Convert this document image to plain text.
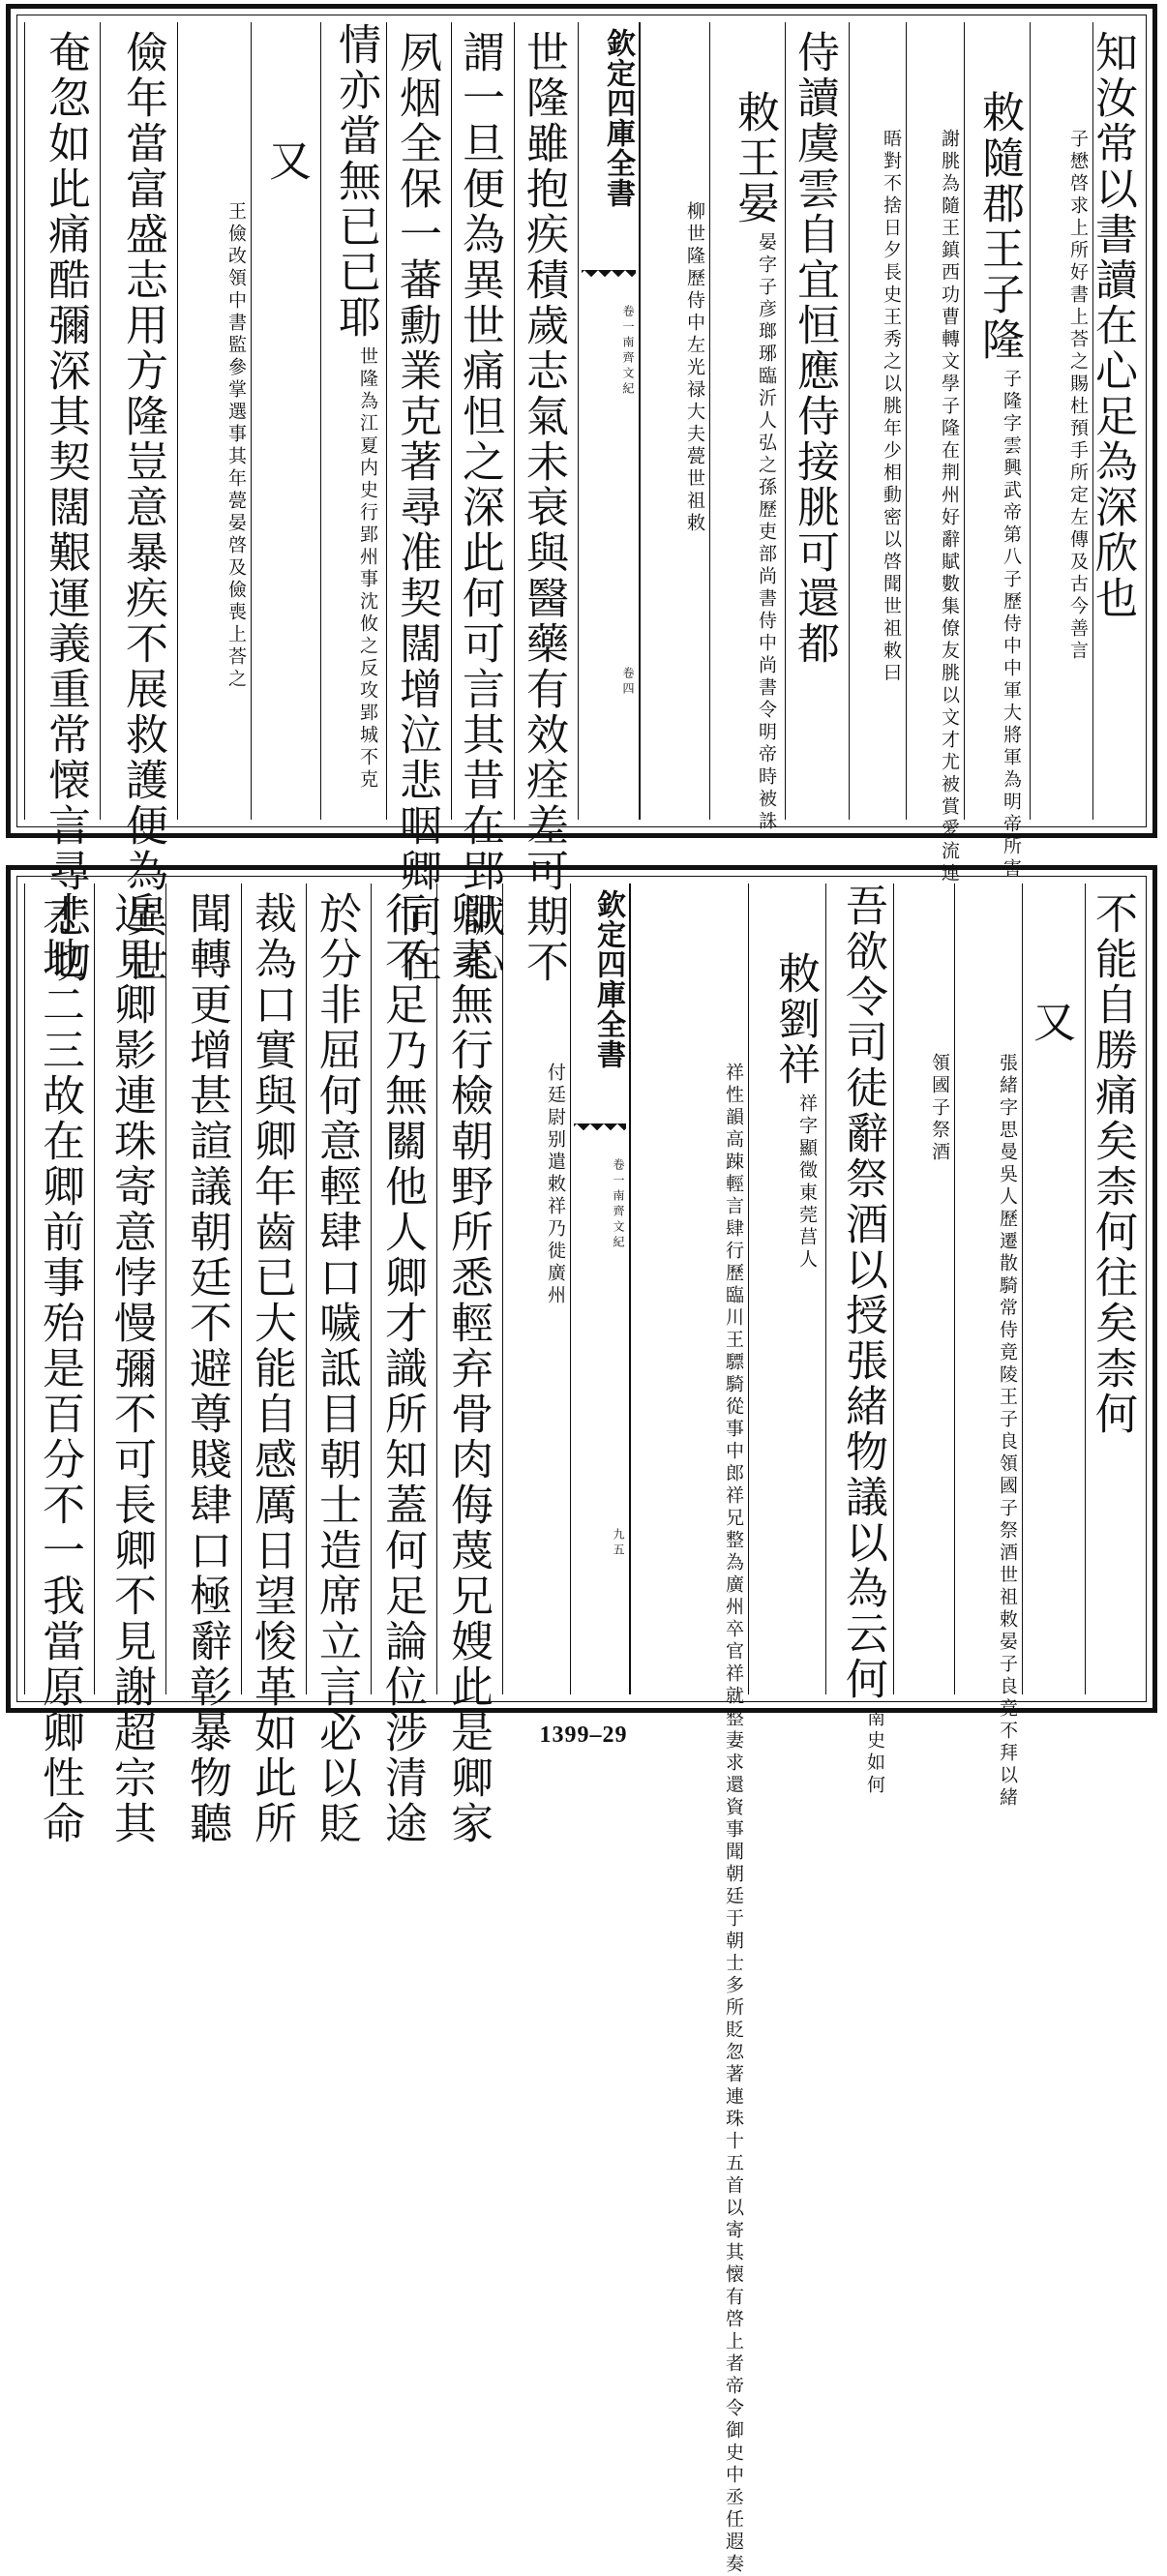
知汝常以書讀在心足為深欣也
子懋啓求上所好書上荅之賜
杜預手所定左傳及古今善言
敕隨郡王子隆
子隆字雲興武帝第八子歷侍
中中軍大將軍為明帝所害
謝朓為隨王鎮西功曹轉文學子隆在荆州
好辭賦數集僚友朓以文才尤被賞愛流連
晤對不捨日夕長史王秀之以朓
年少相動密以啓聞世祖敕曰
侍讀虞雲自宜恒應侍接朓可還都
敕王晏
晏字子彦瑯琊臨沂人弘之孫歷吏
部尚書侍中尚書令明帝時被誅
柳世隆歷侍中左光
禄大夫甍世祖敕
欽定四庫全書
卷一
南齊文紀
卷四
世隆雖抱疾積歲志氣未衰與醫藥有效痊差可期不
謂一旦便為異世痛怛之深此何可言其昔在郢誠心
夙烟全保一蕃勳業克著尋准契闊增泣悲咽卿同在
情亦當無已已耶
世隆為江夏内史行郢州
事沈攸之反攻郢城不克
又
王儉改領中書監參掌選事
其年甍晏啓及儉喪上荅之
儉年當富盛志用方隆豈意暴疾不展救護便為異世
奄忽如此痛酷彌深其契闊艱運義重常懐言尋悲切
不能自勝痛矣柰何往矣柰何
又
張緒字思曼吳人歷遷散騎常侍竟陵王子
良領國子祭酒世祖敕晏子良竟不拜以緒
領國子
祭酒
吾欲令司徒辭祭酒以授張緒物議以為云何
南史
如何
敕劉祥
祥字顯徵
東莞莒人
祥性韻高踈輕言肆行歷臨川王驃騎從事
中郎祥兄整為廣州卒官祥就整妻求還資
事聞朝廷于朝士多所貶忽著連珠十五首
以寄其懐有啓上者帝令御史中丞任遐奏
欽定四庫全書
卷一
南齊文紀
九五
付廷尉别遣敕
祥乃徙廣州
卿素無行檢朝野所悉輕弃骨肉侮蔑兄嫂此是卿家
行不足乃無關他人卿才識所知蓋何足論位涉清途
於分非屈何意輕肆口噦詆目朝士造席立言必以貶
裁為口實與卿年齒已大能自感厲日望悛革如此所
聞轉更增甚諠議朝廷不避尊賤肆口極辭彰暴物聽
近見卿影連珠寄意悖慢彌不可長卿不見謝超宗其
才地二三故在卿前事殆是百分不一我當原卿性命	1399–29
